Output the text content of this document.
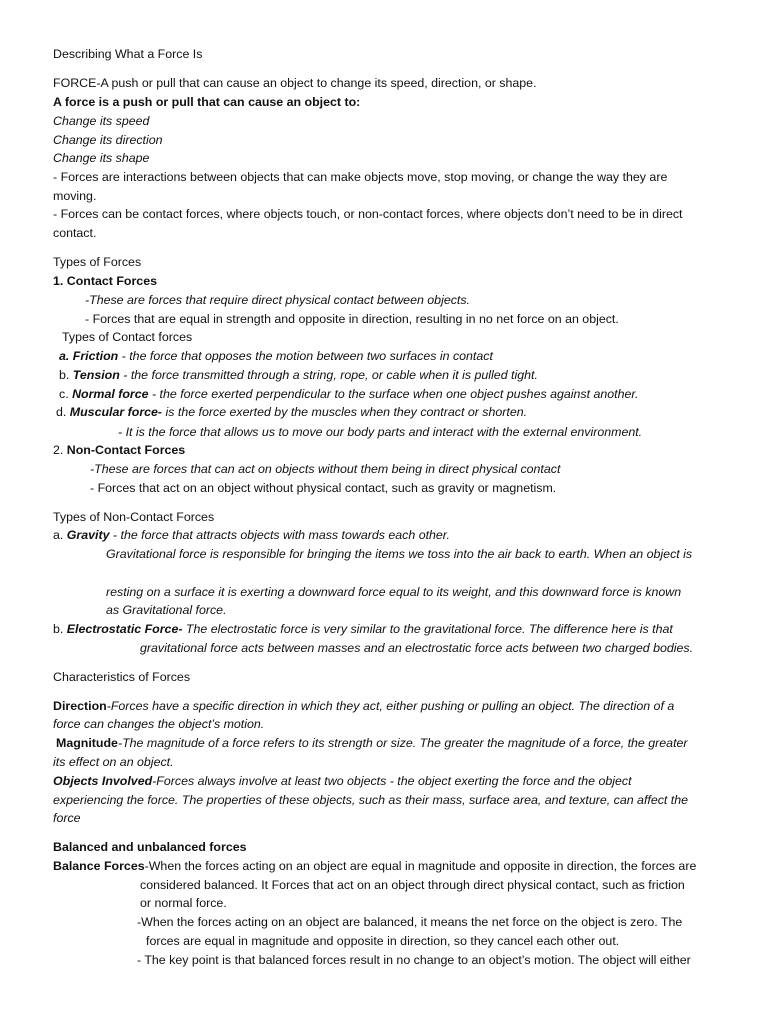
Describing What a Force Is
FORCE-A push or pull that can cause an object to change its speed, direction, or shape.
A force is a push or pull that can cause an object to:
Change its speed
Change its direction
Change its shape
- Forces are interactions between objects that can make objects move, stop moving, or change the way they are
moving.
- Forces can be contact forces, where objects touch, or non-contact forces, where objects don’t need to be in direct
contact.
Types of Forces
1. Contact Forces
-These are forces that require direct physical contact between objects.
- Forces that are equal in strength and opposite in direction, resulting in no net force on an object.
Types of Contact forces
a. Friction - the force that opposes the motion between two surfaces in contact
b. Tension - the force transmitted through a string, rope, or cable when it is pulled tight.
c. Normal force - the force exerted perpendicular to the surface when one object pushes against another.
d. Muscular force- is the force exerted by the muscles when they contract or shorten.
- It is the force that allows us to move our body parts and interact with the external environment.
2. Non-Contact Forces
-These are forces that can act on objects without them being in direct physical contact
- Forces that act on an object without physical contact, such as gravity or magnetism.
Types of Non-Contact Forces
a. Gravity - the force that attracts objects with mass towards each other.
Gravitational force is responsible for bringing the items we toss into the air back to earth. When an object is
resting on a surface it is exerting a downward force equal to its weight, and this downward force is known
as Gravitational force.
b. Electrostatic Force- The electrostatic force is very similar to the gravitational force. The difference here is that
gravitational force acts between masses and an electrostatic force acts between two charged bodies.
Characteristics of Forces
Direction-Forces have a specific direction in which they act, either pushing or pulling an object. The direction of a
force can changes the object’s motion.
Magnitude-The magnitude of a force refers to its strength or size. The greater the magnitude of a force, the greater
its effect on an object.
Objects Involved-Forces always involve at least two objects - the object exerting the force and the object
experiencing the force. The properties of these objects, such as their mass, surface area, and texture, can affect the
force
Balanced and unbalanced forces
Balance Forces-When the forces acting on an object are equal in magnitude and opposite in direction, the forces are
considered balanced. It Forces that act on an object through direct physical contact, such as friction
or normal force.
-When the forces acting on an object are balanced, it means the net force on the object is zero. The
forces are equal in magnitude and opposite in direction, so they cancel each other out.
- The key point is that balanced forces result in no change to an object’s motion. The object will either
